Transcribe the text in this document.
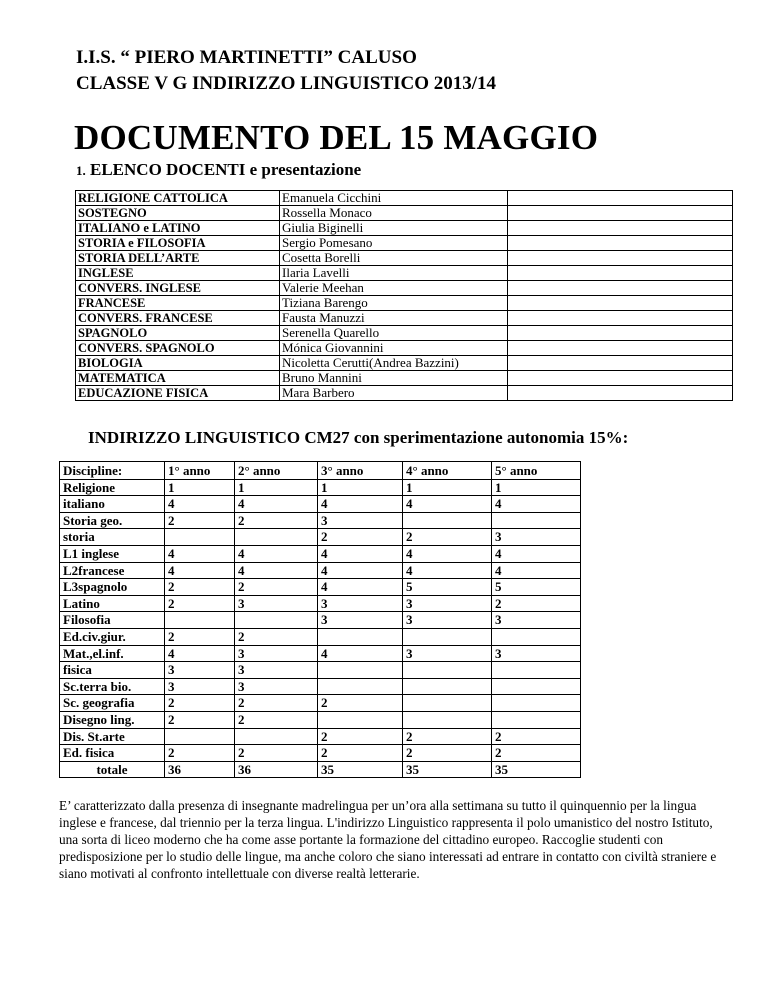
I.I.S. “ PIERO MARTINETTI” CALUSO
CLASSE V G INDIRIZZO LINGUISTICO 2013/14
DOCUMENTO DEL 15 MAGGIO
1. ELENCO DOCENTI e presentazione
RELIGIONE CATTOLICA	Emanuela Cicchini	
SOSTEGNO	Rossella Monaco	
ITALIANO e LATINO	Giulia Biginelli	
STORIA e FILOSOFIA	Sergio Pomesano	
STORIA DELL’ARTE	Cosetta Borelli	
INGLESE	Ilaria Lavelli	
CONVERS. INGLESE	Valerie Meehan	
FRANCESE	Tiziana Barengo	
CONVERS. FRANCESE	Fausta Manuzzi	
SPAGNOLO	Serenella Quarello	
CONVERS. SPAGNOLO	Mónica Giovannini	
BIOLOGIA	Nicoletta Cerutti(Andrea Bazzini)	
MATEMATICA	Bruno Mannini	
EDUCAZIONE FISICA	Mara Barbero	
INDIRIZZO LINGUISTICO CM27 con sperimentazione autonomia 15%:
Discipline:	1° anno	2° anno	3° anno	4° anno	5° anno
Religione	1	1	1	1	1
italiano	4	4	4	4	4
Storia geo.	2	2	3		
storia			2	2	3
L1 inglese	4	4	4	4	4
L2francese	4	4	4	4	4
L3spagnolo	2	2	4	5	5
Latino	2	3	3	3	2
Filosofia			3	3	3
Ed.civ.giur.	2	2			
Mat.,el.inf.	4	3	4	3	3
fisica	3	3			
Sc.terra bio.	3	3			
Sc. geografia	2	2	2		
Disegno ling.	2	2			
Dis. St.arte			2	2	2
Ed. fisica	2	2	2	2	2
totale	36	36	35	35	35
E’ caratterizzato dalla presenza di insegnante madrelingua per un’ora alla settimana su tutto il quinquennio per la lingua inglese e francese, dal triennio per la terza lingua. L'indirizzo Linguistico rappresenta il polo umanistico del nostro Istituto, una sorta di liceo moderno che ha come asse portante la formazione del cittadino europeo. Raccoglie studenti con predisposizione per lo studio delle lingue, ma anche coloro che siano interessati ad entrare in contatto con civiltà straniere e siano motivati al confronto intellettuale con diverse realtà letterarie.
